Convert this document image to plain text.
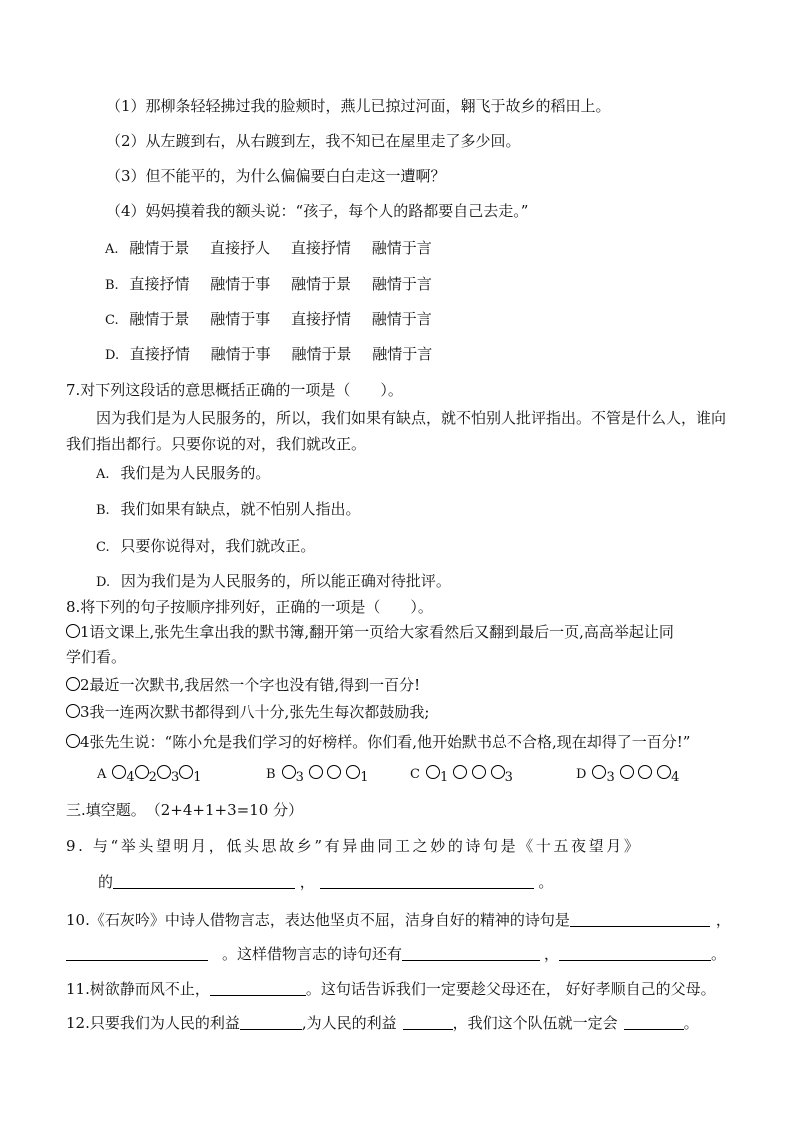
（1）那柳条轻轻拂过我的脸颊时，燕儿已掠过河面，翱飞于故乡的稻田上。
（2）从左踱到右，从右踱到左，我不知已在屋里走了多少回。
（3）但不能平的，为什么偏偏要白白走这一遭啊？
（4）妈妈摸着我的额头说：“孩子，每个人的路都要自己去走。”
A. 融情于景 直接抒人 直接抒情 融情于言
B. 直接抒情 融情于事 融情于景 融情于言
C. 融情于景 融情于事 直接抒情 融情于言
D. 直接抒情 融情于事 融情于景 融情于言
7.对下列这段话的意思概括正确的一项是（　　）。
因为我们是为人民服务的，所以，我们如果有缺点，就不怕别人批评指出。不管是什么人，谁向我们指出都行。只要你说的对，我们就改正。
A. 我们是为人民服务的。
B. 我们如果有缺点，就不怕别人指出。
C. 只要你说得对，我们就改正。
D. 因为我们是为人民服务的，所以能正确对待批评。
8.将下列的句子按顺序排列好，正确的一项是（　　）。
1语文课上,张先生拿出我的默书簿,翻开第一页给大家看然后又翻到最后一页,高高举起让同
学们看。
2最近一次默书,我居然一个字也没有错,得到一百分!
3我一连两次默书都得到八十分,张先生每次都鼓励我;
4张先生说：“陈小允是我们学习的好榜样。你们看,他开始默书总不合格,现在却得了一百分!”
A 4 2 3 1	B 3	1	C 1	3	D 3	4
三.填空题。　（2+4+1+3=10 分）
9. 与“举头望明月，低头思故乡”有异曲同工之妙的诗句是《十五夜望月》
的	，	。
10.《石灰吟》中诗人借物言志，表达他坚贞不屈，洁身自好的精神的诗句是	，
。这样借物言志的诗句还有	，	。
11.树欲静而风不止，	。这句话告诉我们一定要趁父母还在， 好好孝顺自己的父母。
12.只要我们为人民的利益	,为人民的利益	，我们这个队伍就一定会	。
